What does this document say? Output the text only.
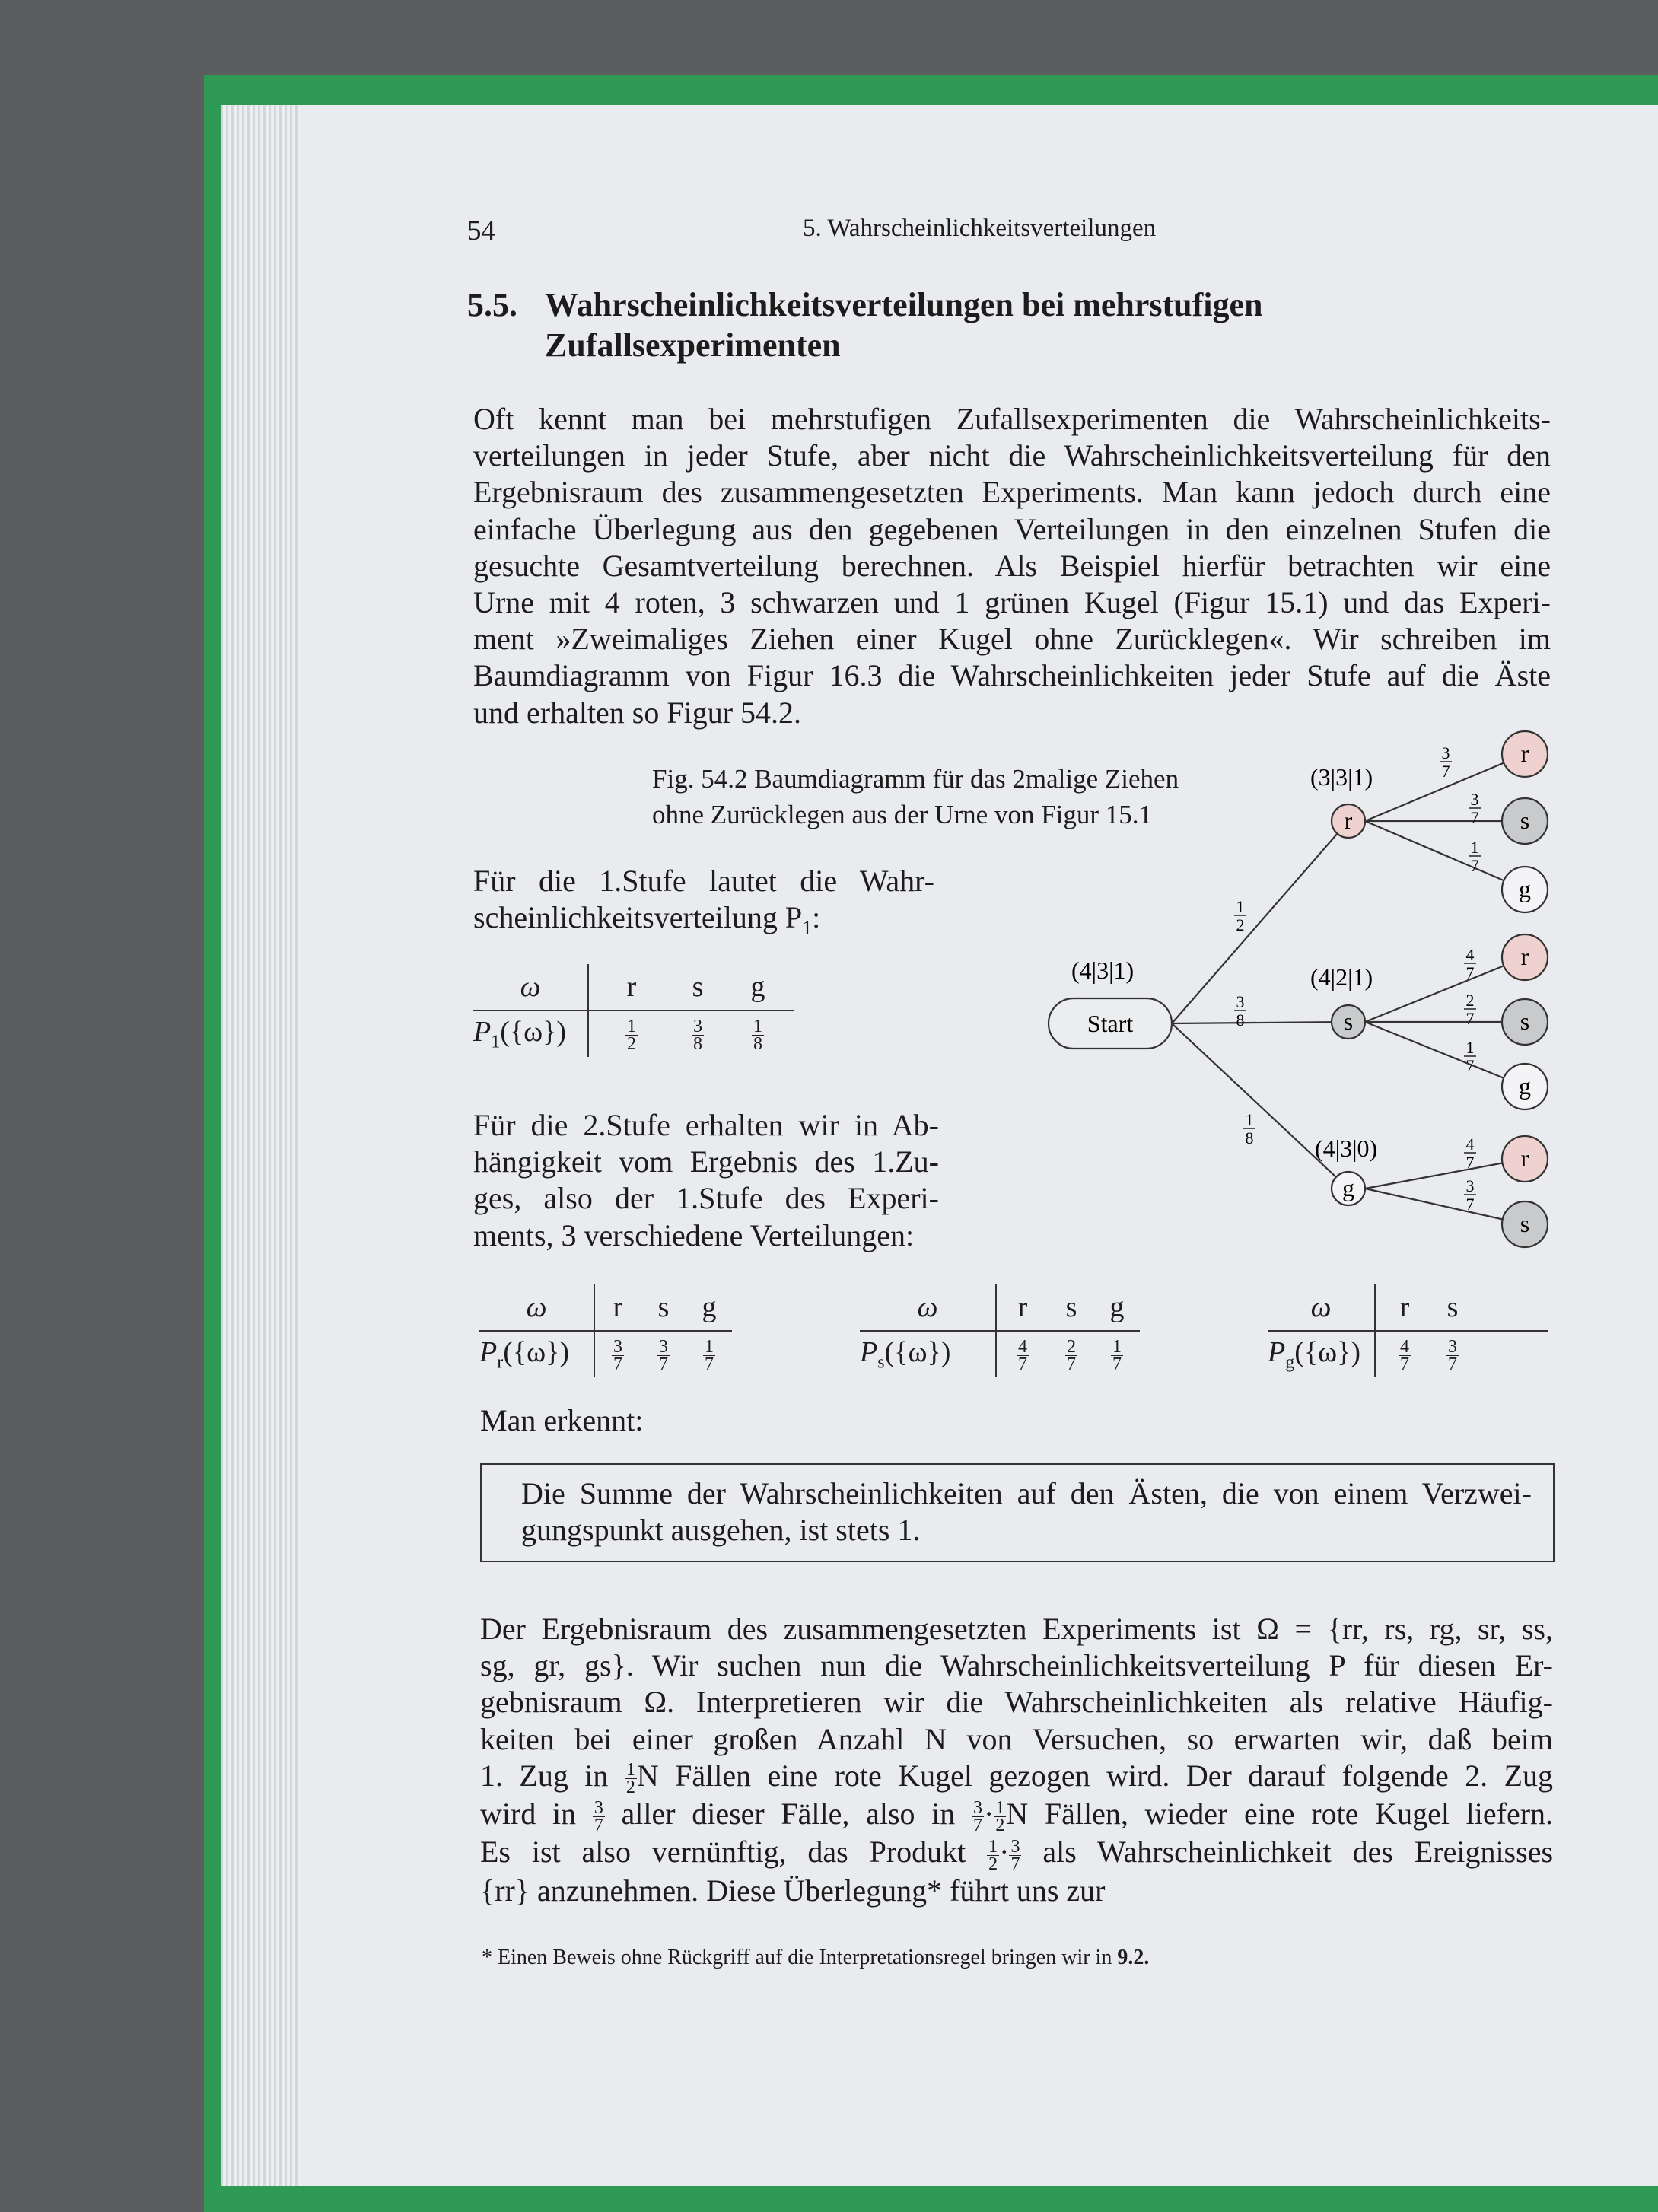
54	5. Wahrscheinlichkeitsverteilungen
5.5. Wahrscheinlichkeitsverteilungen bei mehrstufigen
Zufallsexperimenten
Oft kennt man bei mehrstufigen Zufallsexperimenten die Wahrscheinlichkeits-
verteilungen in jeder Stufe, aber nicht die Wahrscheinlichkeitsverteilung für den
Ergebnisraum des zusammengesetzten Experiments. Man kann jedoch durch eine
einfache Überlegung aus den gegebenen Verteilungen in den einzelnen Stufen die
gesuchte Gesamtverteilung berechnen. Als Beispiel hierfür betrachten wir eine
Urne mit 4 roten, 3 schwarzen und 1 grünen Kugel (Figur 15.1) und das Experi-
ment »Zweimaliges Ziehen einer Kugel ohne Zurücklegen«. Wir schreiben im
Baumdiagramm von Figur 16.3 die Wahrscheinlichkeiten jeder Stufe auf die Äste
und erhalten so Figur 54.2.
Fig. 54.2 Baumdiagramm für das 2malige Ziehen
ohne Zurücklegen aus der Urne von Figur 15.1
Start
(4|3|1)
(3|3|1)
(4|2|1)
(4|3|0)
r
s
g
r
s
g
r
s
g
r
s
1
2
3
8
1
8
3
7
3
7
1
7
4
7
2
7
1
7
4
7
3
7
Für die 1.Stufe lautet die Wahr-
scheinlichkeitsverteilung $P_1$:
ω	r	s	g
$P_1(\{\omega\})$	$\frac{1}{2}$	$\frac{3}{8}$	$\frac{1}{8}$
Für die 2.Stufe erhalten wir in Ab-
hängigkeit vom Ergebnis des 1.Zu-
ges, also der 1.Stufe des Experi-
ments, 3 verschiedene Verteilungen:
ω	r	s	g
$P_r(\{\omega\})$	$\frac{3}{7}$	$\frac{3}{7}$	$\frac{1}{7}$
ω	r	s	g
$P_s(\{\omega\})$	$\frac{4}{7}$	$\frac{2}{7}$	$\frac{1}{7}$
ω	r	s	
$P_g(\{\omega\})$	$\frac{4}{7}$	$\frac{3}{7}$

Man erkennt:
Die Summe der Wahrscheinlichkeiten auf den Ästen, die von einem Verzwei-
gungspunkt ausgehen, ist stets 1.
Der Ergebnisraum des zusammengesetzten Experiments ist Ω = {rr, rs, rg, sr, ss,
sg, gr, gs}. Wir suchen nun die Wahrscheinlichkeitsverteilung P für diesen Er-
gebnisraum Ω. Interpretieren wir die Wahrscheinlichkeiten als relative Häufig-
keiten bei einer großen Anzahl N von Versuchen, so erwarten wir, daß beim
1. Zug in $\frac{1}{2}$ N Fällen eine rote Kugel gezogen wird. Der darauf folgende 2. Zug
wird in $\frac{3}{7}$ aller dieser Fälle, also in $\frac{3}{7} \cdot \frac{1}{2}$ N Fällen, wieder eine rote Kugel liefern.
Es ist also vernünftig, das Produkt $\frac{1}{2} \cdot \frac{3}{7}$ als Wahrscheinlichkeit des Ereignisses
{rr} anzunehmen. Diese Überlegung* führt uns zur
* Einen Beweis ohne Rückgriff auf die Interpretationsregel bringen wir in 9.2.
